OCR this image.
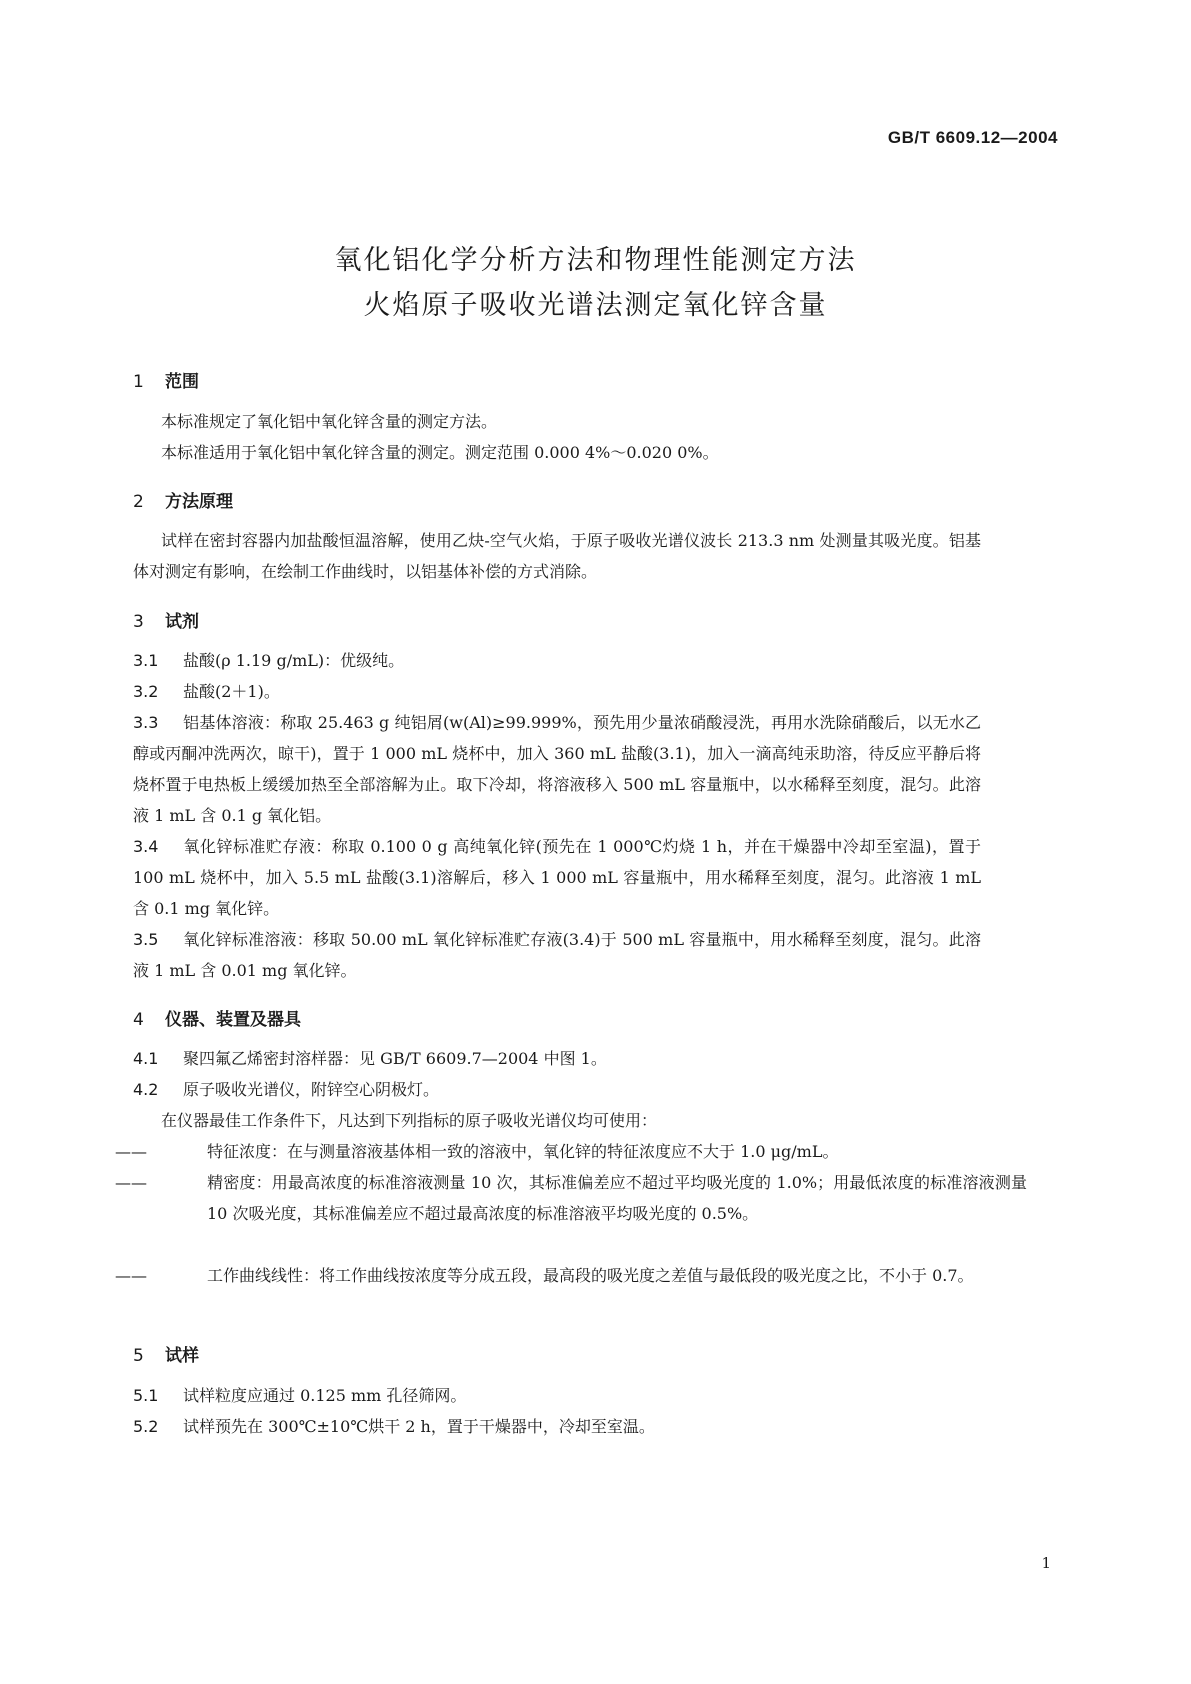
GB/T 6609.12—2004
氧化铝化学分析方法和物理性能测定方法
火焰原子吸收光谱法测定氧化锌含量
1 范围
本标准规定了氧化铝中氧化锌含量的测定方法。
本标准适用于氧化铝中氧化锌含量的测定。测定范围 0.000 4%～0.020 0%。
2 方法原理
试样在密封容器内加盐酸恒温溶解，使用乙炔-空气火焰，于原子吸收光谱仪波长 213.3 nm 处测量其吸光度。铝基体对测定有影响，在绘制工作曲线时，以铝基体补偿的方式消除。
3 试剂
3.1 盐酸(ρ 1.19 g/mL)：优级纯。
3.2 盐酸(2＋1)。
3.3 铝基体溶液：称取 25.463 g 纯铝屑(w(Al)≥99.999%，预先用少量浓硝酸浸洗，再用水洗除硝酸后，以无水乙醇或丙酮冲洗两次，晾干)，置于 1 000 mL 烧杯中，加入 360 mL 盐酸(3.1)，加入一滴高纯汞助溶，待反应平静后将烧杯置于电热板上缓缓加热至全部溶解为止。取下冷却，将溶液移入 500 mL 容量瓶中，以水稀释至刻度，混匀。此溶液 1 mL 含 0.1 g 氧化铝。
3.4 氧化锌标准贮存液：称取 0.100 0 g 高纯氧化锌(预先在 1 000℃灼烧 1 h，并在干燥器中冷却至室温)，置于 100 mL 烧杯中，加入 5.5 mL 盐酸(3.1)溶解后，移入 1 000 mL 容量瓶中，用水稀释至刻度，混匀。此溶液 1 mL 含 0.1 mg 氧化锌。
3.5 氧化锌标准溶液：移取 50.00 mL 氧化锌标准贮存液(3.4)于 500 mL 容量瓶中，用水稀释至刻度，混匀。此溶液 1 mL 含 0.01 mg 氧化锌。
4 仪器、装置及器具
4.1 聚四氟乙烯密封溶样器：见 GB/T 6609.7—2004 中图 1。
4.2 原子吸收光谱仪，附锌空心阴极灯。
在仪器最佳工作条件下，凡达到下列指标的原子吸收光谱仪均可使用：
——	特征浓度：在与测量溶液基体相一致的溶液中，氧化锌的特征浓度应不大于 1.0 μg/mL。
——	精密度：用最高浓度的标准溶液测量 10 次，其标准偏差应不超过平均吸光度的 1.0%；用最低浓度的标准溶液测量 10 次吸光度，其标准偏差应不超过最高浓度的标准溶液平均吸光度的 0.5%。
——	工作曲线线性：将工作曲线按浓度等分成五段，最高段的吸光度之差值与最低段的吸光度之比，不小于 0.7。
5 试样
5.1 试样粒度应通过 0.125 mm 孔径筛网。
5.2 试样预先在 300℃±10℃烘干 2 h，置于干燥器中，冷却至室温。
1
